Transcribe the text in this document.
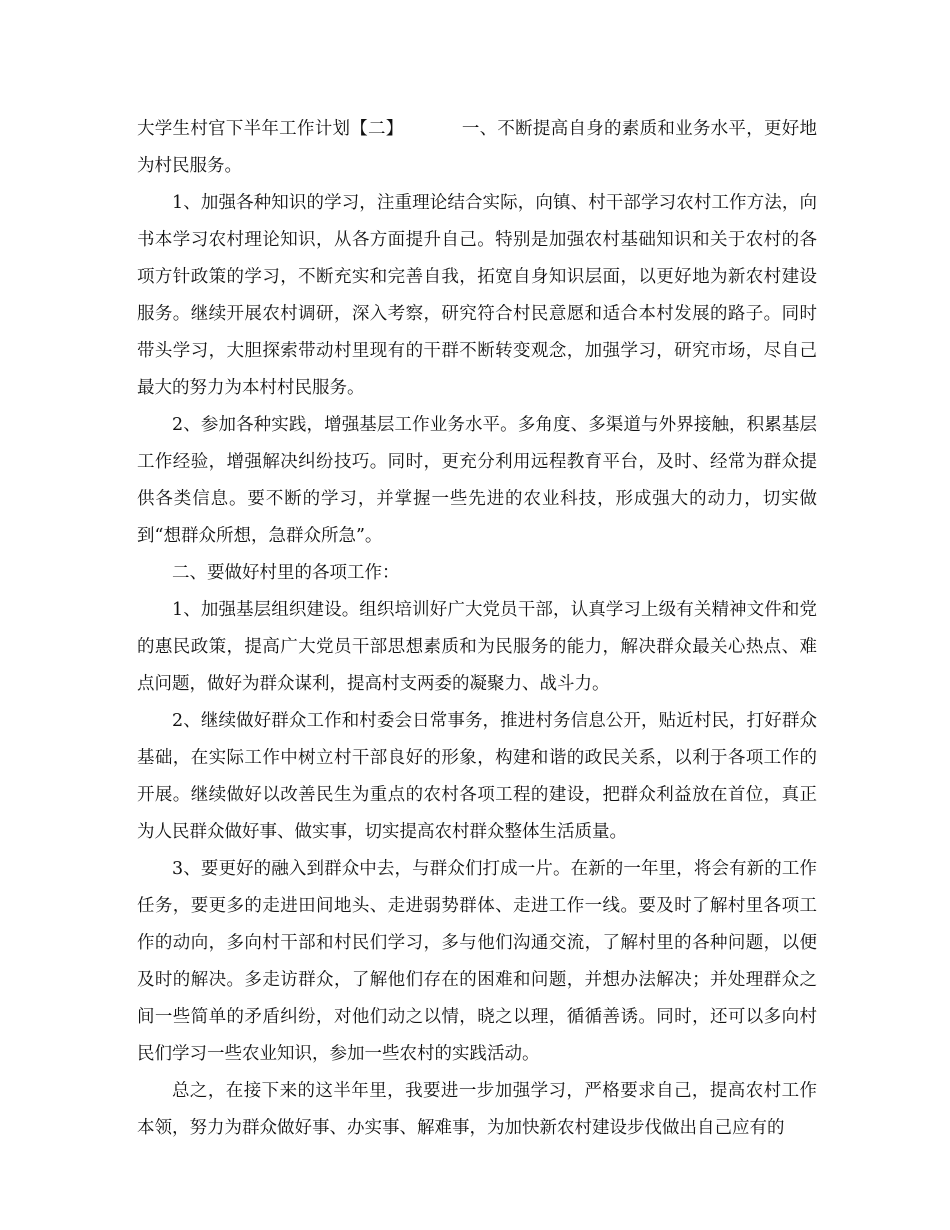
大学生村官下半年工作计划【二】	一、不断提高自身的素质和业务水平，更好地为村民服务。

1、加强各种知识的学习，注重理论结合实际，向镇、村干部学习农村工作方法，向书本学习农村理论知识，从各方面提升自己。特别是加强农村基础知识和关于农村的各项方针政策的学习，不断充实和完善自我，拓宽自身知识层面，以更好地为新农村建设服务。继续开展农村调研，深入考察，研究符合村民意愿和适合本村发展的路子。同时带头学习，大胆探索带动村里现有的干群不断转变观念，加强学习，研究市场，尽自己最大的努力为本村村民服务。

2、参加各种实践，增强基层工作业务水平。多角度、多渠道与外界接触，积累基层工作经验，增强解决纠纷技巧。同时，更充分利用远程教育平台，及时、经常为群众提供各类信息。要不断的学习，并掌握一些先进的农业科技，形成强大的动力，切实做到“想群众所想，急群众所急”。

二、要做好村里的各项工作：

1、加强基层组织建设。组织培训好广大党员干部，认真学习上级有关精神文件和党的惠民政策，提高广大党员干部思想素质和为民服务的能力，解决群众最关心热点、难点问题，做好为群众谋利，提高村支两委的凝聚力、战斗力。

2、继续做好群众工作和村委会日常事务，推进村务信息公开，贴近村民，打好群众基础，在实际工作中树立村干部良好的形象，构建和谐的政民关系，以利于各项工作的开展。继续做好以改善民生为重点的农村各项工程的建设，把群众利益放在首位，真正为人民群众做好事、做实事，切实提高农村群众整体生活质量。

3、要更好的融入到群众中去，与群众们打成一片。在新的一年里，将会有新的工作任务，要更多的走进田间地头、走进弱势群体、走进工作一线。要及时了解村里各项工作的动向，多向村干部和村民们学习，多与他们沟通交流，了解村里的各种问题，以便及时的解决。多走访群众，了解他们存在的困难和问题，并想办法解决；并处理群众之间一些简单的矛盾纠纷，对他们动之以情，晓之以理，循循善诱。同时，还可以多向村民们学习一些农业知识，参加一些农村的实践活动。

总之，在接下来的这半年里，我要进一步加强学习，严格要求自己，提高农村工作本领，努力为群众做好事、办实事、解难事，为加快新农村建设步伐做出自己应有的
